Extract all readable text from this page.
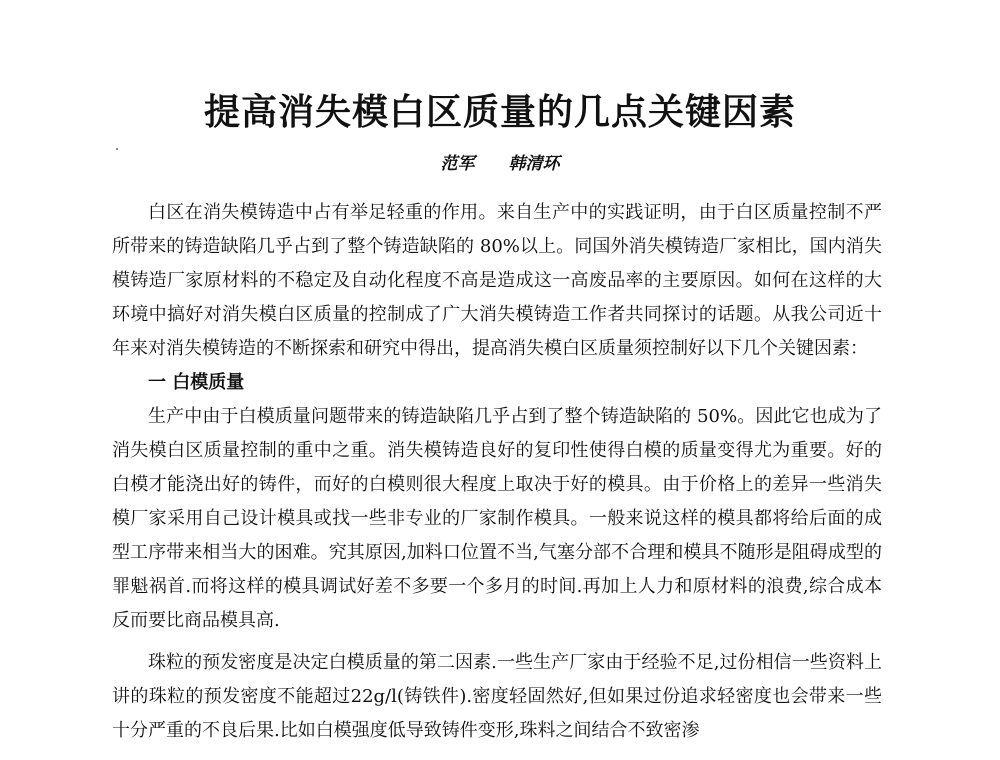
提高消失模白区质量的几点关键因素
范军 韩清环

白区在消失模铸造中占有举足轻重的作用。来自生产中的实践证明，由于白区质量控制不严所带来的铸造缺陷几乎占到了整个铸造缺陷的 80%以上。同国外消失模铸造厂家相比，国内消失模铸造厂家原材料的不稳定及自动化程度不高是造成这一高废品率的主要原因。如何在这样的大环境中搞好对消失模白区质量的控制成了广大消失模铸造工作者共同探讨的话题。从我公司近十年来对消失模铸造的不断探索和研究中得出，提高消失模白区质量须控制好以下几个关键因素：

一 白模质量

生产中由于白模质量问题带来的铸造缺陷几乎占到了整个铸造缺陷的 50%。因此它也成为了消失模白区质量控制的重中之重。消失模铸造良好的复印性使得白模的质量变得尤为重要。好的白模才能浇出好的铸件，而好的白模则很大程度上取决于好的模具。由于价格上的差异一些消失模厂家采用自己设计模具或找一些非专业的厂家制作模具。一般来说这样的模具都将给后面的成型工序带来相当大的困难。究其原因,加料口位置不当,气塞分部不合理和模具不随形是阻碍成型的罪魁祸首.而将这样的模具调试好差不多要一个多月的时间.再加上人力和原材料的浪费,综合成本反而要比商品模具高.

珠粒的预发密度是决定白模质量的第二因素.一些生产厂家由于经验不足,过份相信一些资料上讲的珠粒的预发密度不能超过22g/l(铸铁件).密度轻固然好,但如果过份追求轻密度也会带来一些十分严重的不良后果.比如白模强度低导致铸件变形,珠料之间结合不致密渗
